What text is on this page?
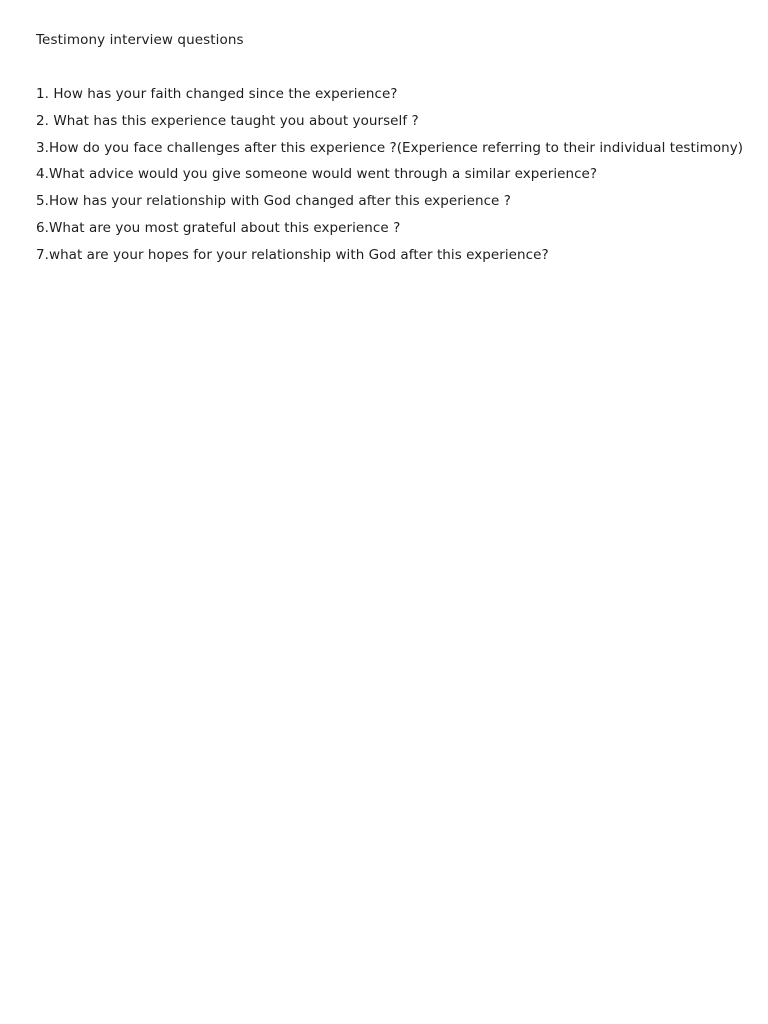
Testimony interview questions
1. How has your faith changed since the experience?
2. What has this experience taught you about yourself ?
3.How do you face challenges after this experience ?(Experience referring to their individual testimony)
4.What advice would you give someone would went through a similar experience?
5.How has your relationship with God changed after this experience ?
6.What are you most grateful about this experience ?
7.what are your hopes for your relationship with God after this experience?
